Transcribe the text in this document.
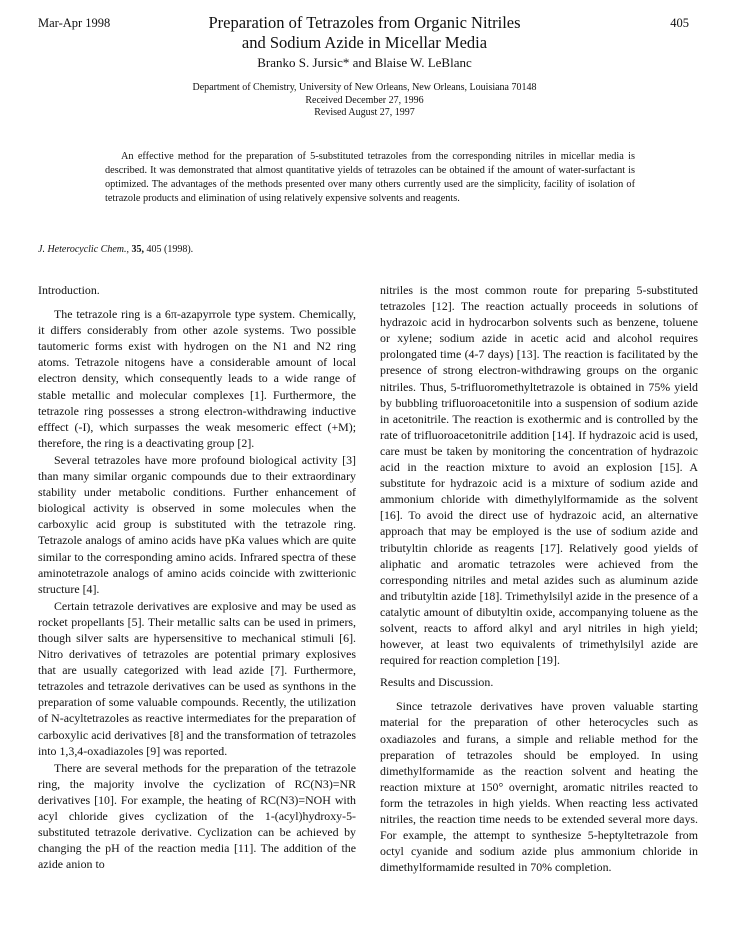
Mar-Apr 1998	405
Preparation of Tetrazoles from Organic Nitriles
and Sodium Azide in Micellar Media
Branko S. Jursic* and Blaise W. LeBlanc
Department of Chemistry, University of New Orleans, New Orleans, Louisiana 70148
Received December 27, 1996
Revised August 27, 1997
An effective method for the preparation of 5-substituted tetrazoles from the corresponding nitriles in micellar media is described. It was demonstrated that almost quantitative yields of tetrazoles can be obtained if the amount of water-surfactant is optimized. The advantages of the methods presented over many others currently used are the simplicity, facility of isolation of tetrazole products and elimination of using relatively expensive solvents and reagents.
J. Heterocyclic Chem., 35, 405 (1998).

Introduction.

The tetrazole ring is a 6π-azapyrrole type system. Chemically, it differs considerably from other azole systems. Two possible tautomeric forms exist with hydrogen on the N1 and N2 ring atoms. Tetrazole nitogens have a considerable amount of local electron density, which consequently leads to a wide range of stable metallic and molecular complexes [1]. Furthermore, the tetrazole ring possesses a strong electron-withdrawing inductive efffect (-I), which surpasses the weak mesomeric effect (+M); therefore, the ring is a deactivating group [2].

Several tetrazoles have more profound biological activity [3] than many similar organic compounds due to their extraordinary stability under metabolic conditions. Further enhancement of biological activity is observed in some molecules when the carboxylic acid group is substituted with the tetrazole ring. Tetrazole analogs of amino acids have pKa values which are quite similar to the corresponding amino acids. Infrared spectra of these aminotetrazole analogs of amino acids coincide with zwitterionic structure [4].

Certain tetrazole derivatives are explosive and may be used as rocket propellants [5]. Their metallic salts can be used in primers, though silver salts are hypersensitive to mechanical stimuli [6]. Nitro derivatives of tetrazoles are potential primary explosives that are usually categorized with lead azide [7]. Furthermore, tetrazoles and tetrazole derivatives can be used as synthons in the preparation of some valuable compounds. Recently, the utilization of N-acyltetrazoles as reactive intermediates for the preparation of carboxylic acid derivatives [8] and the transformation of tetrazoles into 1,3,4-oxadiazoles [9] was reported.

There are several methods for the preparation of the tetrazole ring, the majority involve the cyclization of RC(N3)=NR derivatives [10]. For example, the heating of RC(N3)=NOH with acyl chloride gives cyclization of the 1-(acyl)hydroxy-5-substituted tetrazole derivative. Cyclization can be achieved by changing the pH of the reaction media [11]. The addition of the azide anion to

nitriles is the most common route for preparing 5-substituted tetrazoles [12]. The reaction actually proceeds in solutions of hydrazoic acid in hydrocarbon solvents such as benzene, toluene or xylene; sodium azide in acetic acid and alcohol requires prolongated time (4-7 days) [13]. The reaction is facilitated by the presence of strong electron-withdrawing groups on the organic nitriles. Thus, 5-trifluoromethyltetrazole is obtained in 75% yield by bubbling trifluoroacetonitile into a suspension of sodium azide in acetonitrile. The reaction is exothermic and is controlled by the rate of trifluoroacetonitrile addition [14]. If hydrazoic acid is used, care must be taken by monitoring the concentration of hydrazoic acid in the reaction mixture to avoid an explosion [15]. A substitute for hydrazoic acid is a mixture of sodium azide and ammonium chloride with dimethylylformamide as the solvent [16]. To avoid the direct use of hydrazoic acid, an alternative approach that may be employed is the use of sodium azide and tributyltin chloride as reagents [17]. Relatively good yields of aliphatic and aromatic tetrazoles were achieved from the corresponding nitriles and metal azides such as aluminum azide and tributyltin azide [18]. Trimethylsilyl azide in the presence of a catalytic amount of dibutyltin oxide, accompanying toluene as the solvent, reacts to afford alkyl and aryl nitriles in high yield; however, at least two equivalents of trimethylsilyl azide are required for reaction completion [19].

Results and Discussion.

Since tetrazole derivatives have proven valuable starting material for the preparation of other heterocycles such as oxadiazoles and furans, a simple and reliable method for the preparation of tetrazoles should be employed. In using dimethylformamide as the reaction solvent and heating the reaction mixture at 150° overnight, aromatic nitriles reacted to form the tetrazoles in high yields. When reacting less activated nitriles, the reaction time needs to be extended several more days. For example, the attempt to synthesize 5-heptyltetrazole from octyl cyanide and sodium azide plus ammonium chloride in dimethylformamide resulted in 70% completion.
